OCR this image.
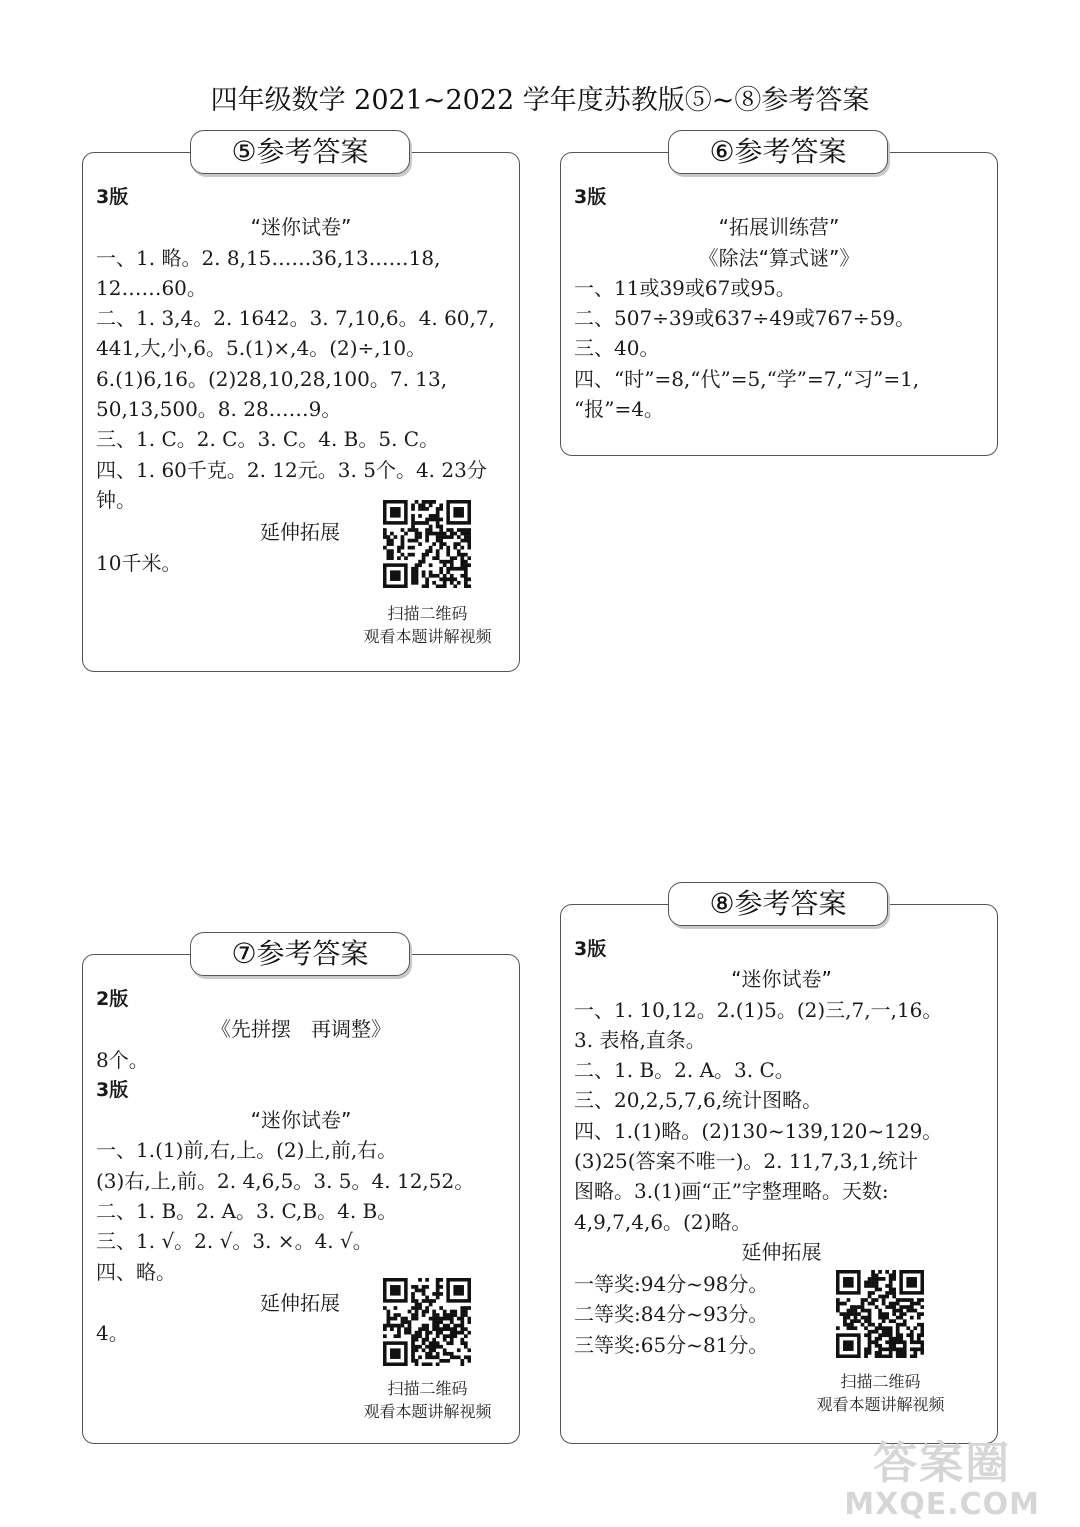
四年级数学 2021~2022 学年度苏教版⑤~⑧参考答案
⑤参考答案
3版
“迷你试卷”
一、1. 略。2. 8,15……36,13……18,
12……60。
二、1. 3,4。2. 1642。3. 7,10,6。4. 60,7,
441,大,小,6。5.(1)×,4。(2)÷,10。
6.(1)6,16。(2)28,10,28,100。7. 13,
50,13,500。8. 28……9。
三、1. C。2. C。3. C。4. B。5. C。
四、1. 60千克。2. 12元。3. 5个。4. 23分
钟。
延伸拓展
10千米。
扫描二维码
观看本题讲解视频
⑥参考答案
3版
“拓展训练营”
《除法“算式谜”》
一、11或39或67或95。
二、507÷39或637÷49或767÷59。
三、40。
四、“时”=8,“代”=5,“学”=7,“习”=1,
“报”=4。
⑦参考答案
2版
《先拼摆　再调整》
8个。
3版
“迷你试卷”
一、1.(1)前,右,上。(2)上,前,右。
(3)右,上,前。2. 4,6,5。3. 5。4. 12,52。
二、1. B。2. A。3. C,B。4. B。
三、1. √。2. √。3. ×。4. √。
四、略。
延伸拓展
4。
扫描二维码
观看本题讲解视频
⑧参考答案
3版
“迷你试卷”
一、1. 10,12。2.(1)5。(2)三,7,一,16。
3. 表格,直条。
二、1. B。2. A。3. C。
三、20,2,5,7,6,统计图略。
四、1.(1)略。(2)130~139,120~129。
(3)25(答案不唯一)。2. 11,7,3,1,统计
图略。3.(1)画“正”字整理略。天数:
4,9,7,4,6。(2)略。
延伸拓展
一等奖:94分~98分。
二等奖:84分~93分。
三等奖:65分~81分。
扫描二维码
观看本题讲解视频
答案圈
MXQE.COM
